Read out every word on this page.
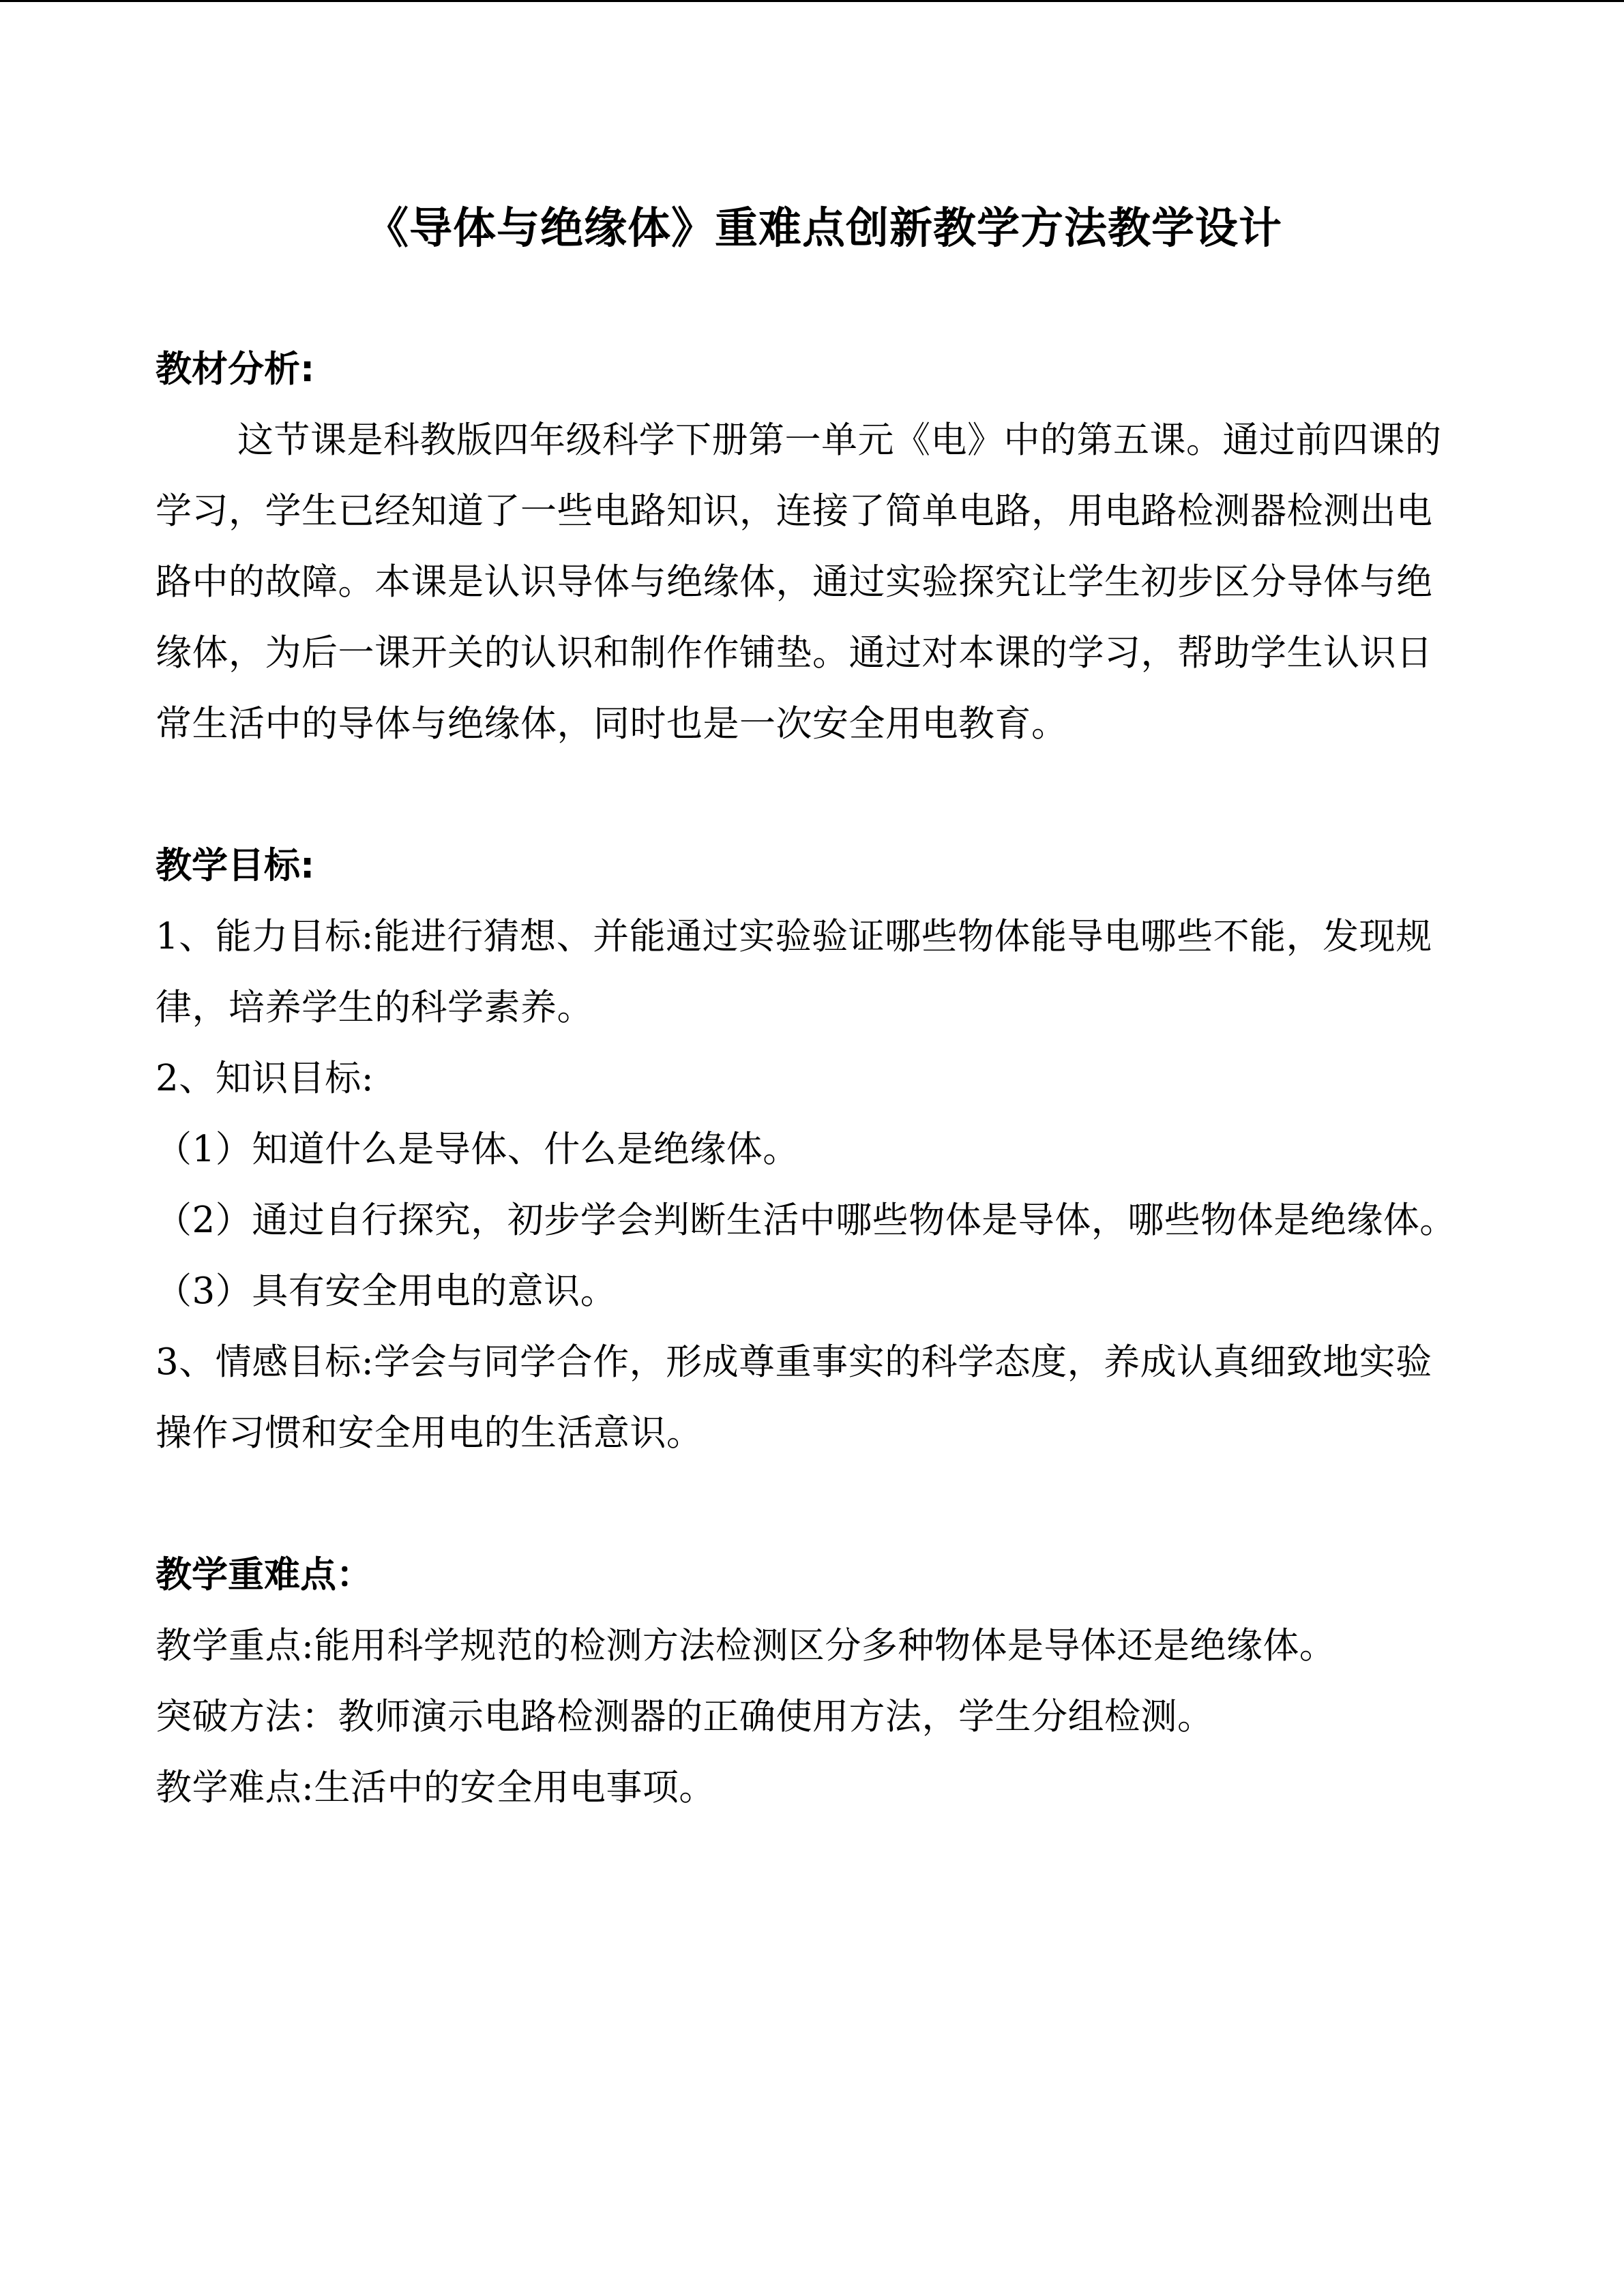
《导体与绝缘体》重难点创新教学方法教学设计

教材分析:

这节课是科教版四年级科学下册第一单元《电》中的第五课。通过前四课的学习，学生已经知道了一些电路知识，连接了简单电路，用电路检测器检测出电路中的故障。本课是认识导体与绝缘体，通过实验探究让学生初步区分导体与绝缘体，为后一课开关的认识和制作作铺垫。通过对本课的学习，帮助学生认识日常生活中的导体与绝缘体，同时也是一次安全用电教育。

教学目标:

1、能力目标:能进行猜想、并能通过实验验证哪些物体能导电哪些不能，发现规律，培养学生的科学素养。

2、知识目标:

（1）知道什么是导体、什么是绝缘体。

（2）通过自行探究，初步学会判断生活中哪些物体是导体，哪些物体是绝缘体。

（3）具有安全用电的意识。

3、情感目标:学会与同学合作，形成尊重事实的科学态度，养成认真细致地实验操作习惯和安全用电的生活意识。

教学重难点：

教学重点:能用科学规范的检测方法检测区分多种物体是导体还是绝缘体。

突破方法：教师演示电路检测器的正确使用方法，学生分组检测。

教学难点:生活中的安全用电事项。
